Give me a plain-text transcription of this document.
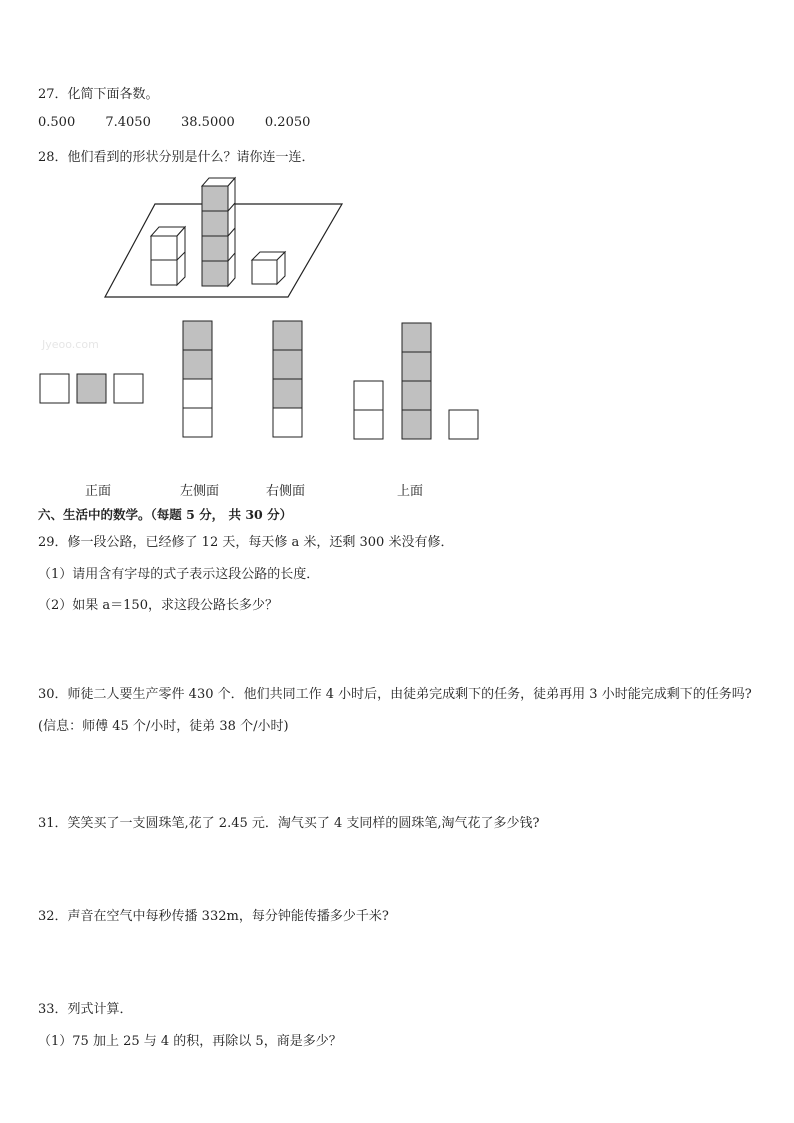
27．化简下面各数。
0.500 7.4050 38.5000 0.2050
28．他们看到的形状分别是什么？请你连一连．
Jyeoo.com
正面	左侧面	右侧面	上面
六、生活中的数学。（每题 5 分， 共 30 分）
29．修一段公路，已经修了 12 天，每天修 a 米，还剩 300 米没有修．
（1）请用含有字母的式子表示这段公路的长度．
（2）如果 a＝150，求这段公路长多少？
30．师徒二人要生产零件 430 个．他们共同工作 4 小时后，由徒弟完成剩下的任务，徒弟再用 3 小时能完成剩下的任务吗?(信息：师傅 45 个/小时，徒弟 38 个/小时)
31．笑笑买了一支圆珠笔,花了 2.45 元．淘气买了 4 支同样的圆珠笔,淘气花了多少钱?
32．声音在空气中每秒传播 332m，每分钟能传播多少千米?
33．列式计算．
（1）75 加上 25 与 4 的积，再除以 5，商是多少？
